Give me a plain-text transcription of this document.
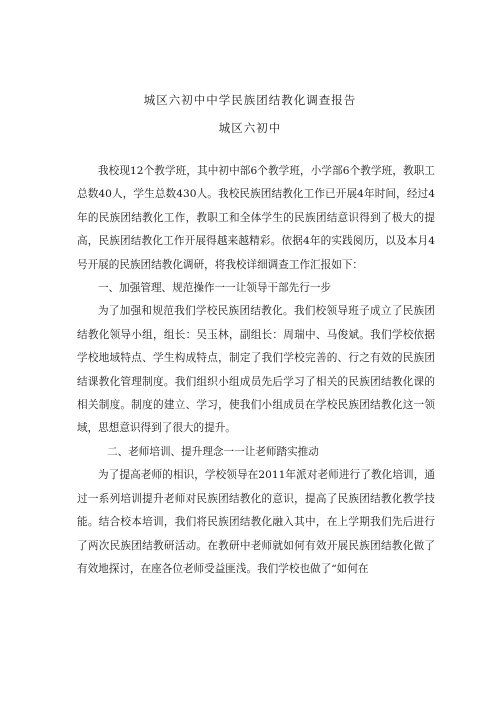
城区六初中中学民族团结教化调查报告
城区六初中

我校现12个教学班，其中初中部6个教学班，小学部6个教学班，教职工总数40人，学生总数430人。我校民族团结教化工作已开展4年时间，经过4年的民族团结教化工作，教职工和全体学生的民族团结意识得到了极大的提高，民族团结教化工作开展得越来越精彩。依据4年的实践阅历，以及本月4号开展的民族团结教化调研，将我校详细调查工作汇报如下：

一、加强管理、规范操作一一让领导干部先行一步

为了加强和规范我们学校民族团结教化。我们校领导班子成立了民族团结教化领导小组，组长：吴玉林，副组长：周瑞中、马俊斌。我们学校依据学校地域特点、学生构成特点，制定了我们学校完善的、行之有效的民族团结课教化管理制度。我们组织小组成员先后学习了相关的民族团结教化课的相关制度。制度的建立、学习，使我们小组成员在学校民族团结教化这一领域，思想意识得到了很大的提升。

二、老师培训、提升理念一一让老师踏实推动

为了提高老师的相识，学校领导在2011年派对老师进行了教化培训，通过一系列培训提升老师对民族团结教化的意识，提高了民族团结教化教学技能。结合校本培训，我们将民族团结教化融入其中，在上学期我们先后进行了两次民族团结教研活动。在教研中老师就如何有效开展民族团结教化做了有效地探讨，在座各位老师受益匪浅。我们学校也做了“如何在
